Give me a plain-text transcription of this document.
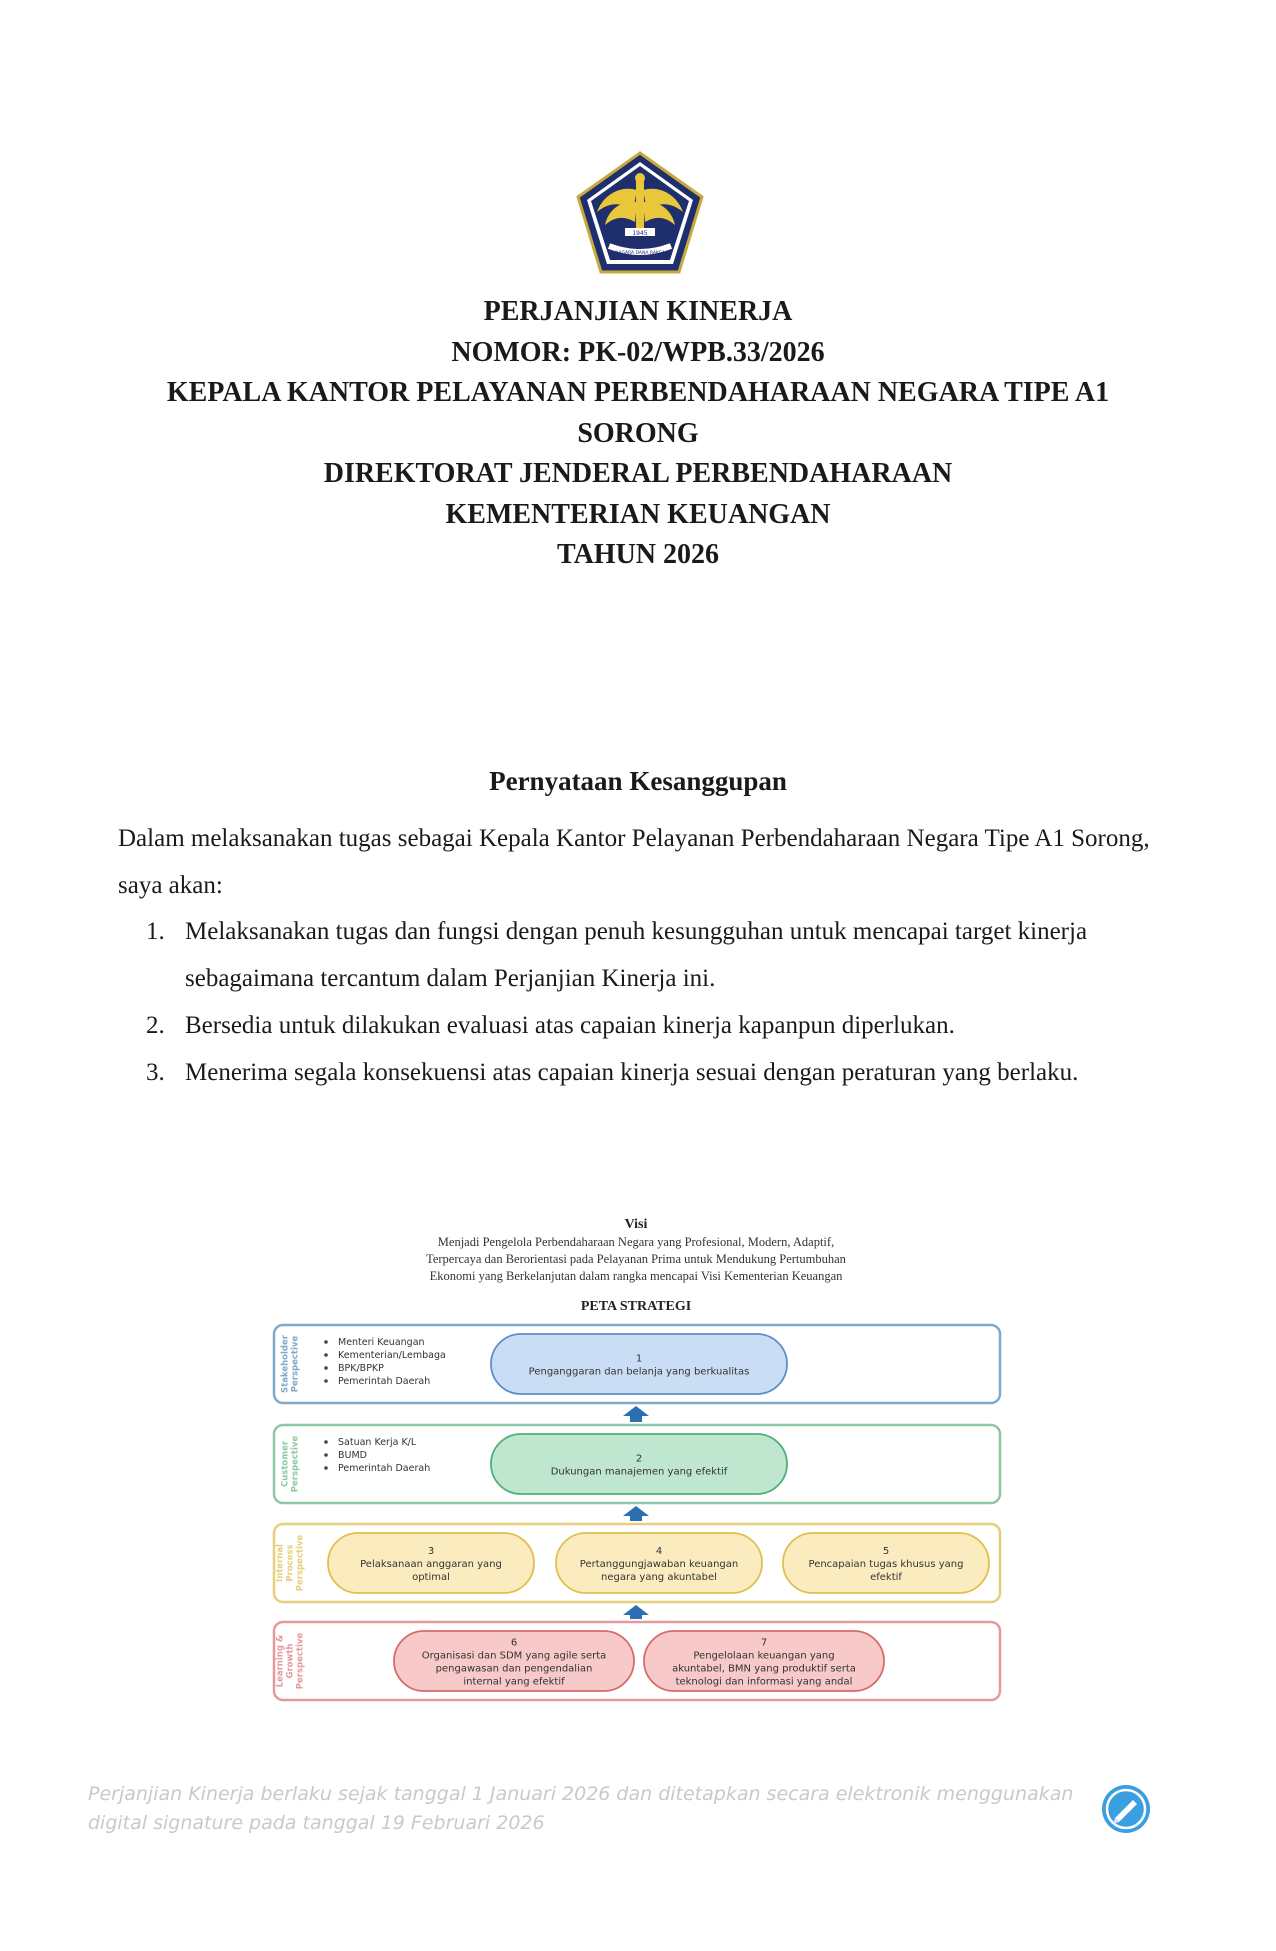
1945
NAGARA DANA RAKCA
PERJANJIAN KINERJA
NOMOR: PK-02/WPB.33/2026
KEPALA KANTOR PELAYANAN PERBENDAHARAAN NEGARA TIPE A1
SORONG
DIREKTORAT JENDERAL PERBENDAHARAAN
KEMENTERIAN KEUANGAN
TAHUN 2026
Pernyataan Kesanggupan
Dalam melaksanakan tugas sebagai Kepala Kantor Pelayanan Perbendaharaan Negara Tipe A1 Sorong, saya akan:
1. Melaksanakan tugas dan fungsi dengan penuh kesungguhan untuk mencapai target kinerja sebagaimana tercantum dalam Perjanjian Kinerja ini.
2. Bersedia untuk dilakukan evaluasi atas capaian kinerja kapanpun diperlukan.
3. Menerima segala konsekuensi atas capaian kinerja sesuai dengan peraturan yang berlaku.
Visi
Menjadi Pengelola Perbendaharaan Negara yang Profesional, Modern, Adaptif,
Terpercaya dan Berorientasi pada Pelayanan Prima untuk Mendukung Pertumbuhan
Ekonomi yang Berkelanjutan dalam rangka mencapai Visi Kementerian Keuangan
PETA STRATEGI
Stakeholder Perspective	Menteri Keuangan
Kementerian/Lembaga
BPK/BPKP
Pemerintah Daerah
1
Penganggaran dan belanja yang berkualitas
Customer Perspective	Satuan Kerja K/L
BUMD
Pemerintah Daerah
2
Dukungan manajemen yang efektif
Internal Process Perspective	3
Pelaksanaan anggaran yang
optimal
4
Pertanggungjawaban keuangan
negara yang akuntabel
5
Pencapaian tugas khusus yang
efektif
Learning & Growth Perspective	6
Organisasi dan SDM yang agile serta
pengawasan dan pengendalian
internal yang efektif
7
Pengelolaan keuangan yang
akuntabel, BMN yang produktif serta
teknologi dan informasi yang andal
Perjanjian Kinerja berlaku sejak tanggal 1 Januari 2026 dan ditetapkan secara elektronik menggunakan
digital signature pada tanggal 19 Februari 2026
